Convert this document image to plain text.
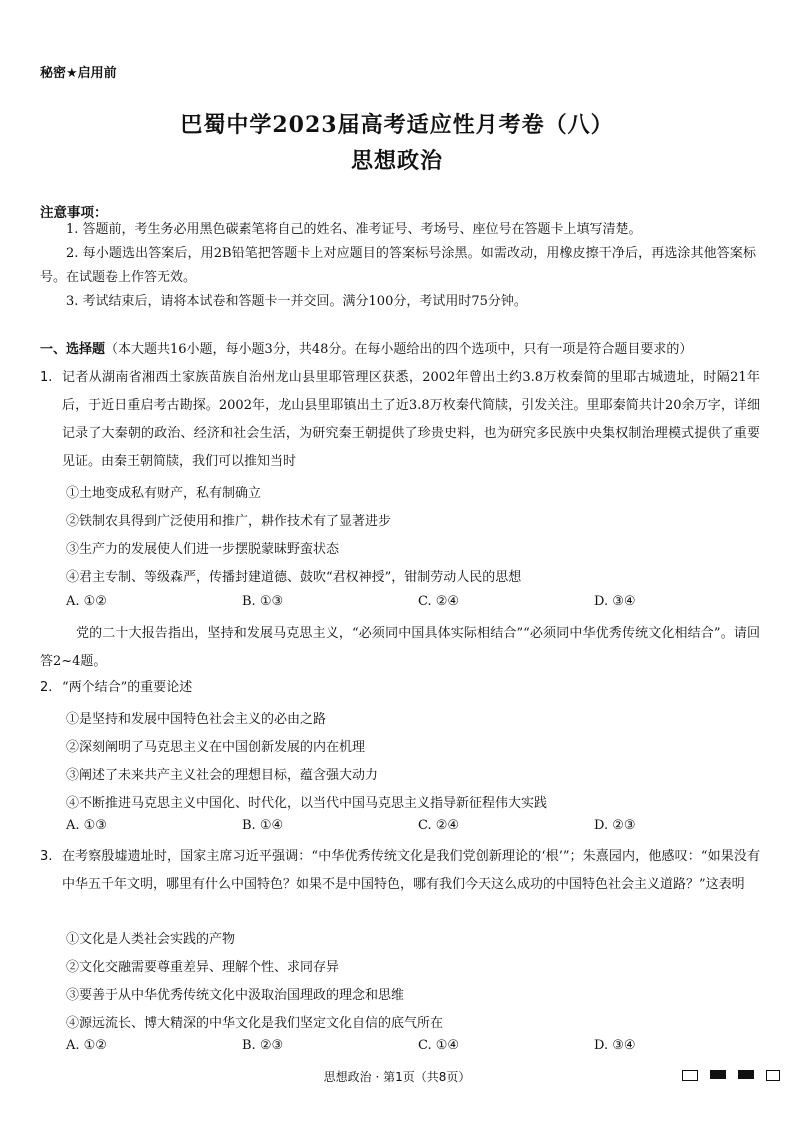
秘密★启用前
巴蜀中学2023届高考适应性月考卷（八）
思想政治
注意事项：
1. 答题前，考生务必用黑色碳素笔将自己的姓名、准考证号、考场号、座位号在答题卡上填写清楚。
2. 每小题选出答案后，用2B铅笔把答题卡上对应题目的答案标号涂黑。如需改动，用橡皮擦干净后，再选涂其他答案标号。在试题卷上作答无效。
3. 考试结束后，请将本试卷和答题卡一并交回。满分100分，考试用时75分钟。
一、选择题（本大题共16小题，每小题3分，共48分。在每小题给出的四个选项中，只有一项是符合题目要求的）
1. 记者从湖南省湘西土家族苗族自治州龙山县里耶管理区获悉，2002年曾出土约3.8万枚秦简的里耶古城遗址，时隔21年后，于近日重启考古勘探。2002年，龙山县里耶镇出土了近3.8万枚秦代简牍，引发关注。里耶秦简共计20余万字，详细记录了大秦朝的政治、经济和社会生活，为研究秦王朝提供了珍贵史料，也为研究多民族中央集权制治理模式提供了重要见证。由秦王朝简牍，我们可以推知当时
①土地变成私有财产，私有制确立
②铁制农具得到广泛使用和推广，耕作技术有了显著进步
③生产力的发展使人们进一步摆脱蒙昧野蛮状态
④君主专制、等级森严，传播封建道德、鼓吹“君权神授”，钳制劳动人民的思想
A. ①②	B. ①③	C. ②④	D. ③④
党的二十大报告指出，坚持和发展马克思主义，“必须同中国具体实际相结合”“必须同中华优秀传统文化相结合”。请回答2~4题。
2. “两个结合”的重要论述
①是坚持和发展中国特色社会主义的必由之路
②深刻阐明了马克思主义在中国创新发展的内在机理
③阐述了未来共产主义社会的理想目标，蕴含强大动力
④不断推进马克思主义中国化、时代化，以当代中国马克思主义指导新征程伟大实践
A. ①③	B. ①④	C. ②④	D. ②③
3. 在考察殷墟遗址时，国家主席习近平强调：“中华优秀传统文化是我们党创新理论的‘根’”；朱熹园内，他感叹：“如果没有中华五千年文明，哪里有什么中国特色？如果不是中国特色，哪有我们今天这么成功的中国特色社会主义道路？”这表明
①文化是人类社会实践的产物
②文化交融需要尊重差异、理解个性、求同存异
③要善于从中华优秀传统文化中汲取治国理政的理念和思维
④源远流长、博大精深的中华文化是我们坚定文化自信的底气所在
A. ①②	B. ②③	C. ①④	D. ③④
思想政治 · 第1页（共8页）
